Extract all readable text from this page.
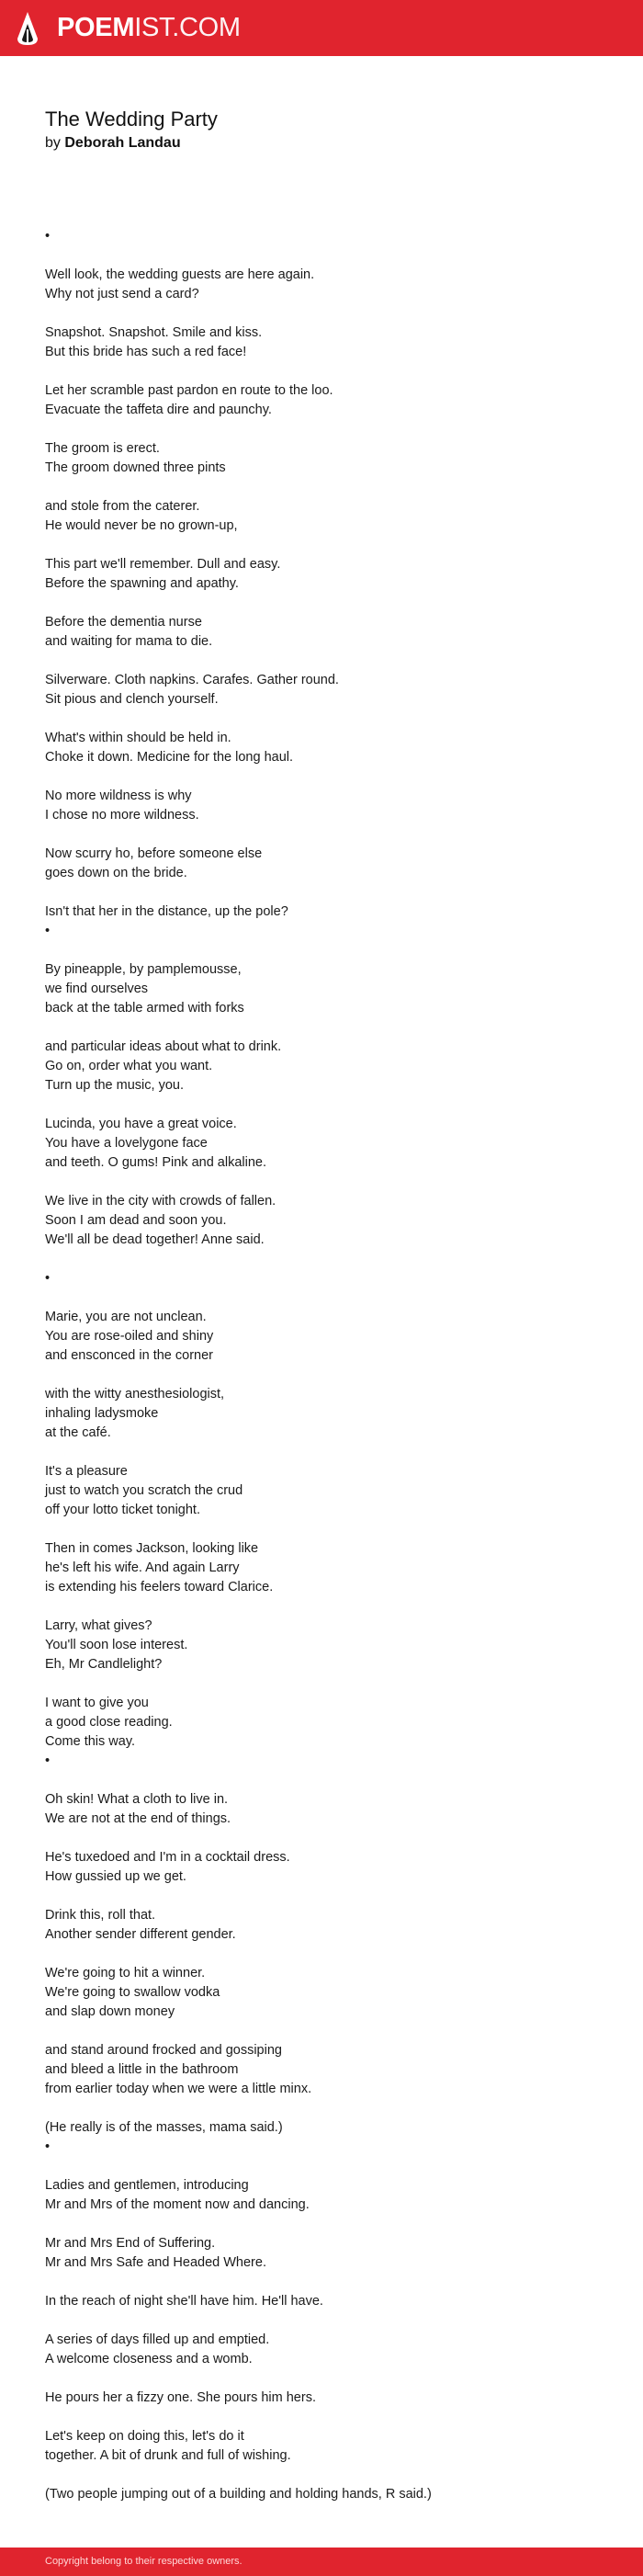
POEMIST.COM
The Wedding Party
by Deborah Landau
•
Well look, the wedding guests are here again.
Why not just send a card?
Snapshot. Snapshot. Smile and kiss.
But this bride has such a red face!
Let her scramble past pardon en route to the loo.
Evacuate the taffeta dire and paunchy.
The groom is erect.
The groom downed three pints
and stole from the caterer.
He would never be no grown-up,
This part we'll remember. Dull and easy.
Before the spawning and apathy.
Before the dementia nurse
and waiting for mama to die.
Silverware. Cloth napkins. Carafes. Gather round.
Sit pious and clench yourself.
What's within should be held in.
Choke it down. Medicine for the long haul.
No more wildness is why
I chose no more wildness.
Now scurry ho, before someone else
goes down on the bride.
Isn't that her in the distance, up the pole?
•
By pineapple, by pamplemousse,
we find ourselves
back at the table armed with forks
and particular ideas about what to drink.
Go on, order what you want.
Turn up the music, you.
Lucinda, you have a great voice.
You have a lovelygone face
and teeth. O gums! Pink and alkaline.
We live in the city with crowds of fallen.
Soon I am dead and soon you.
We'll all be dead together! Anne said.
•
Marie, you are not unclean.
You are rose-oiled and shiny
and ensconced in the corner
with the witty anesthesiologist,
inhaling ladysmoke
at the café.
It's a pleasure
just to watch you scratch the crud
off your lotto ticket tonight.
Then in comes Jackson, looking like
he's left his wife. And again Larry
is extending his feelers toward Clarice.
Larry, what gives?
You'll soon lose interest.
Eh, Mr Candlelight?
I want to give you
a good close reading.
Come this way.
•
Oh skin! What a cloth to live in.
We are not at the end of things.
He's tuxedoed and I'm in a cocktail dress.
How gussied up we get.
Drink this, roll that.
Another sender different gender.
We're going to hit a winner.
We're going to swallow vodka
and slap down money
and stand around frocked and gossiping
and bleed a little in the bathroom
from earlier today when we were a little minx.
(He really is of the masses, mama said.)
•
Ladies and gentlemen, introducing
Mr and Mrs of the moment now and dancing.
Mr and Mrs End of Suffering.
Mr and Mrs Safe and Headed Where.
In the reach of night she'll have him. He'll have.
A series of days filled up and emptied.
A welcome closeness and a womb.
He pours her a fizzy one. She pours him hers.
Let's keep on doing this, let's do it
together. A bit of drunk and full of wishing.
(Two people jumping out of a building and holding hands, R said.)
Copyright belong to their respective owners.
